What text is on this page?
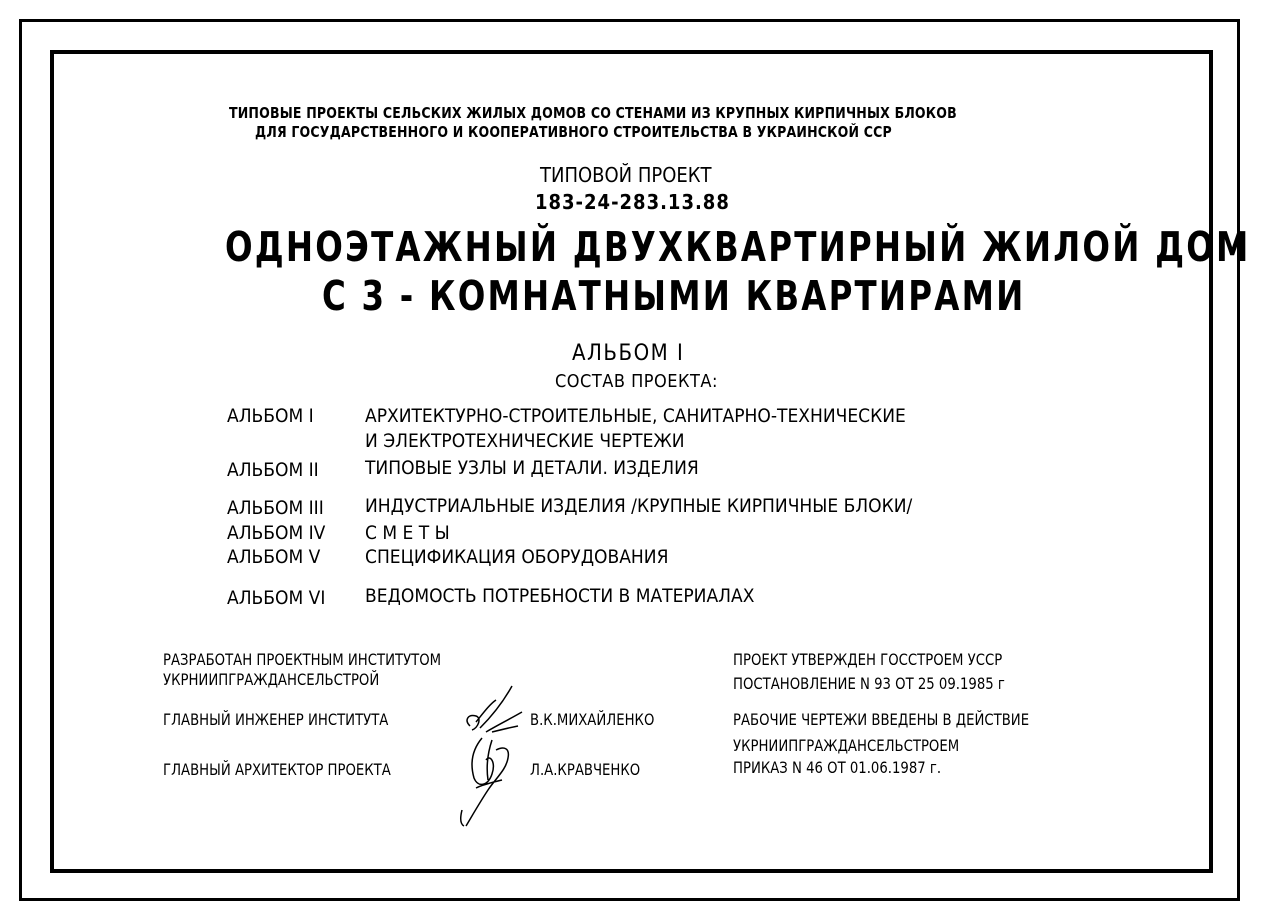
ТИПОВЫЕ ПРОЕКТЫ СЕЛЬСКИХ ЖИЛЫХ ДОМОВ СО СТЕНАМИ ИЗ КРУПНЫХ КИРПИЧНЫХ БЛОКОВ
ДЛЯ ГОСУДАРСТВЕННОГО И КООПЕРАТИВНОГО СТРОИТЕЛЬСТВА В УКРАИНСКОЙ ССР
ТИПОВОЙ ПРОЕКТ
183-24-283.13.88
ОДНОЭТАЖНЫЙ ДВУХКВАРТИРНЫЙ ЖИЛОЙ ДОМ
С 3 - КОМНАТНЫМИ КВАРТИРАМИ
АЛЬБОМ I
СОСТАВ ПРОЕКТА:
АЛЬБОМ I	АРХИТЕКТУРНО-СТРОИТЕЛЬНЫЕ, САНИТАРНО-ТЕХНИЧЕСКИЕ
И ЭЛЕКТРОТЕХНИЧЕСКИЕ ЧЕРТЕЖИ
АЛЬБОМ II ТИПОВЫЕ УЗЛЫ И ДЕТАЛИ. ИЗДЕЛИЯ
АЛЬБОМ III ИНДУСТРИАЛЬНЫЕ ИЗДЕЛИЯ /КРУПНЫЕ КИРПИЧНЫЕ БЛОКИ/
АЛЬБОМ IV С М Е Т Ы
АЛЬБОМ V СПЕЦИФИКАЦИЯ ОБОРУДОВАНИЯ
АЛЬБОМ VI ВЕДОМОСТЬ ПОТРЕБНОСТИ В МАТЕРИАЛАХ
РАЗРАБОТАН ПРОЕКТНЫМ ИНСТИТУТОМ
УКРНИИПГРАЖДАНСЕЛЬСТРОЙ
ГЛАВНЫЙ ИНЖЕНЕР ИНСТИТУТА	В.К.МИХАЙЛЕНКО
ГЛАВНЫЙ АРХИТЕКТОР ПРОЕКТА	Л.А.КРАВЧЕНКО
ПРОЕКТ УТВЕРЖДЕН ГОССТРОЕМ УССР
ПОСТАНОВЛЕНИЕ N 93 ОТ 25 09.1985 г
РАБОЧИЕ ЧЕРТЕЖИ ВВЕДЕНЫ В ДЕЙСТВИЕ
УКРНИИПГРАЖДАНСЕЛЬСТРОЕМ
ПРИКАЗ N 46 ОТ 01.06.1987 г.
